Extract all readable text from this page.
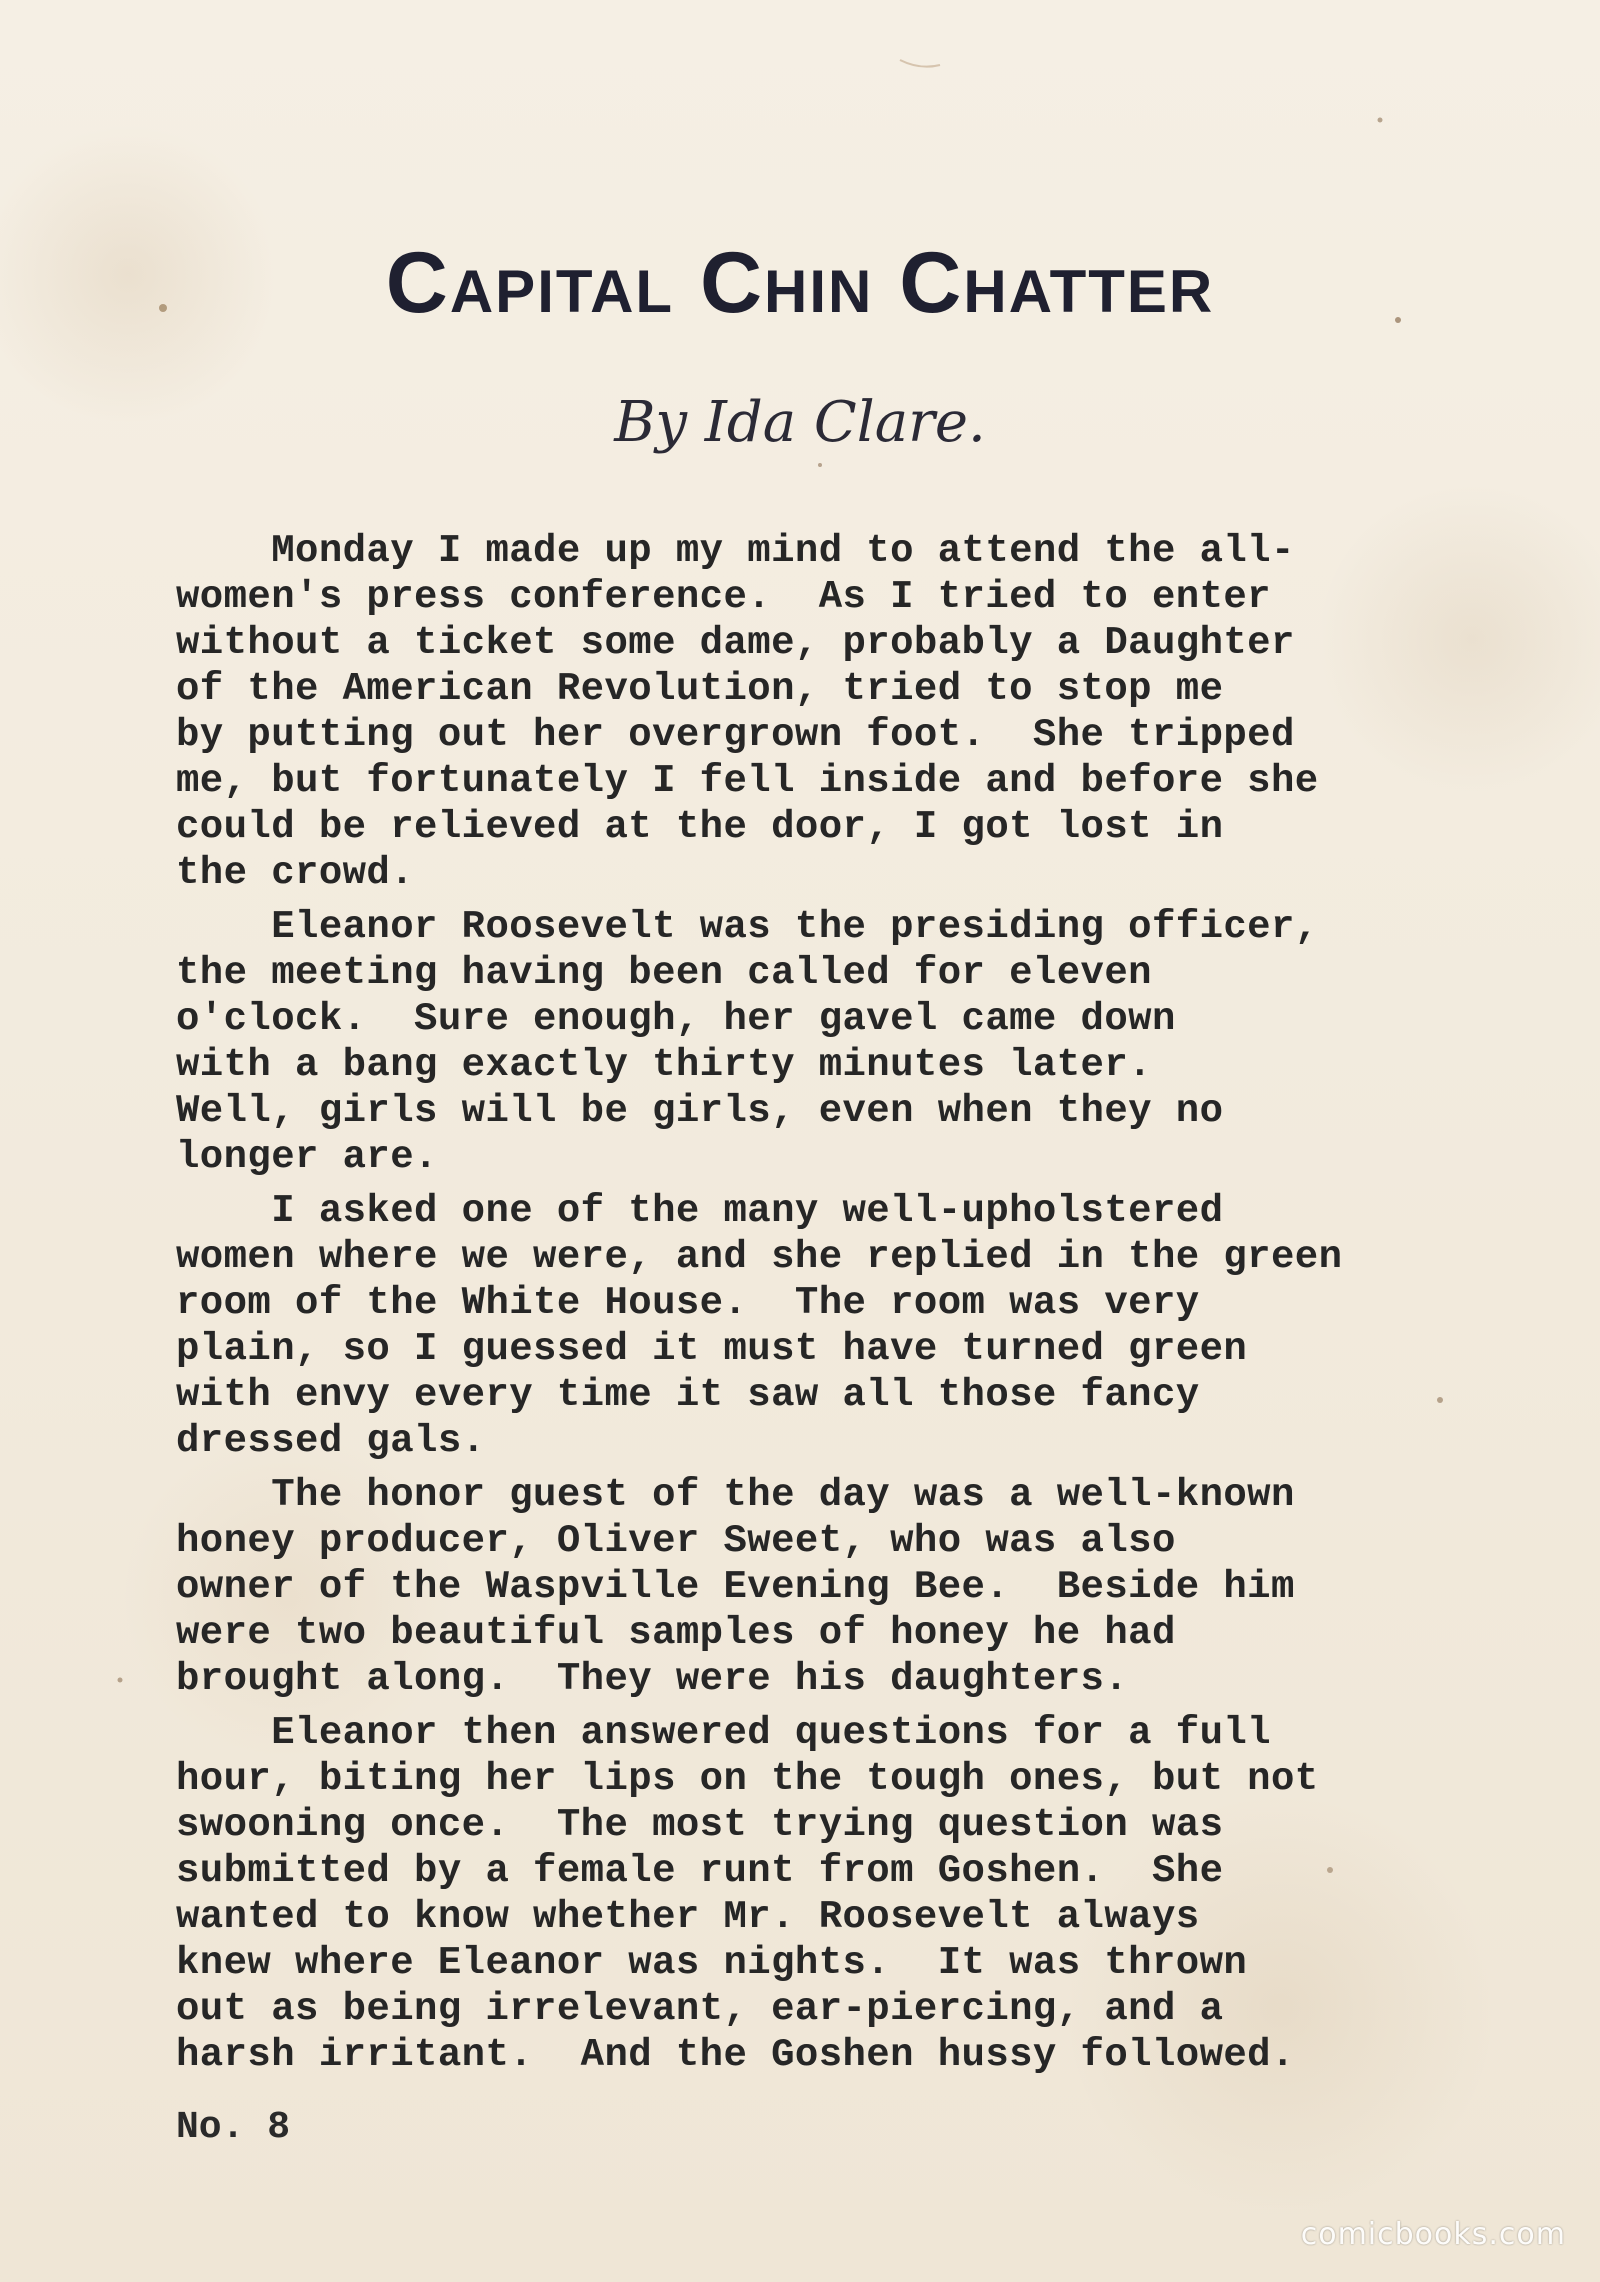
Capital Chin Chatter
By Ida Clare.
Monday I made up my mind to attend the all-
women's press conference.  As I tried to enter
without a ticket some dame, probably a Daughter
of the American Revolution, tried to stop me
by putting out her overgrown foot.  She tripped
me, but fortunately I fell inside and before she
could be relieved at the door, I got lost in
the crowd.
Eleanor Roosevelt was the presiding officer,
the meeting having been called for eleven
o'clock.  Sure enough, her gavel came down
with a bang exactly thirty minutes later.
Well, girls will be girls, even when they no
longer are.
I asked one of the many well-upholstered
women where we were, and she replied in the green
room of the White House.  The room was very
plain, so I guessed it must have turned green
with envy every time it saw all those fancy
dressed gals.
The honor guest of the day was a well-known
honey producer, Oliver Sweet, who was also
owner of the Waspville Evening Bee.  Beside him
were two beautiful samples of honey he had
brought along.  They were his daughters.
Eleanor then answered questions for a full
hour, biting her lips on the tough ones, but not
swooning once.  The most trying question was
submitted by a female runt from Goshen.  She
wanted to know whether Mr. Roosevelt always
knew where Eleanor was nights.  It was thrown
out as being irrelevant, ear-piercing, and a
harsh irritant.  And the Goshen hussy followed.
No. 8
comicbooks.com
